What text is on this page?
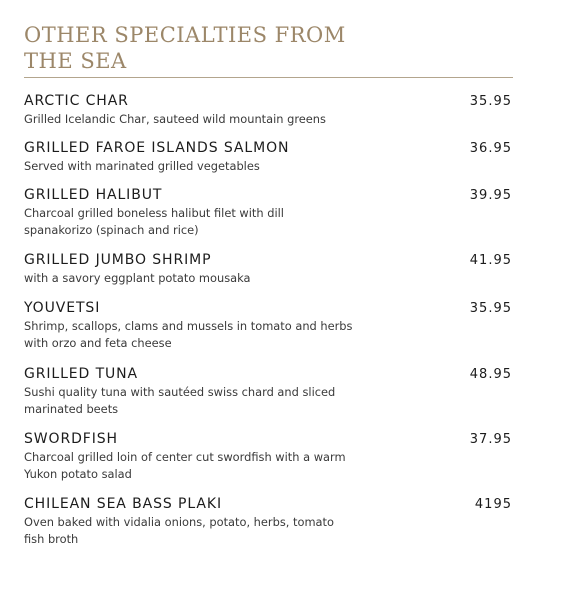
OTHER SPECIALTIES FROM THE SEA
ARCTIC CHAR
Grilled Icelandic Char, sauteed wild mountain greens
35.95
GRILLED FAROE ISLANDS SALMON
Served with marinated grilled vegetables
36.95
GRILLED HALIBUT
Charcoal grilled boneless halibut filet with dill spanakorizo (spinach and rice)
39.95
GRILLED JUMBO SHRIMP
with a savory eggplant potato mousaka
41.95
YOUVETSI
Shrimp, scallops, clams and mussels in tomato and herbs with orzo and feta cheese
35.95
GRILLED TUNA
Sushi quality tuna with sautéed swiss chard and sliced marinated beets
48.95
SWORDFISH
Charcoal grilled loin of center cut swordfish with a warm Yukon potato salad
37.95
CHILEAN SEA BASS PLAKI
Oven baked with vidalia onions, potato, herbs, tomato fish broth
4195
